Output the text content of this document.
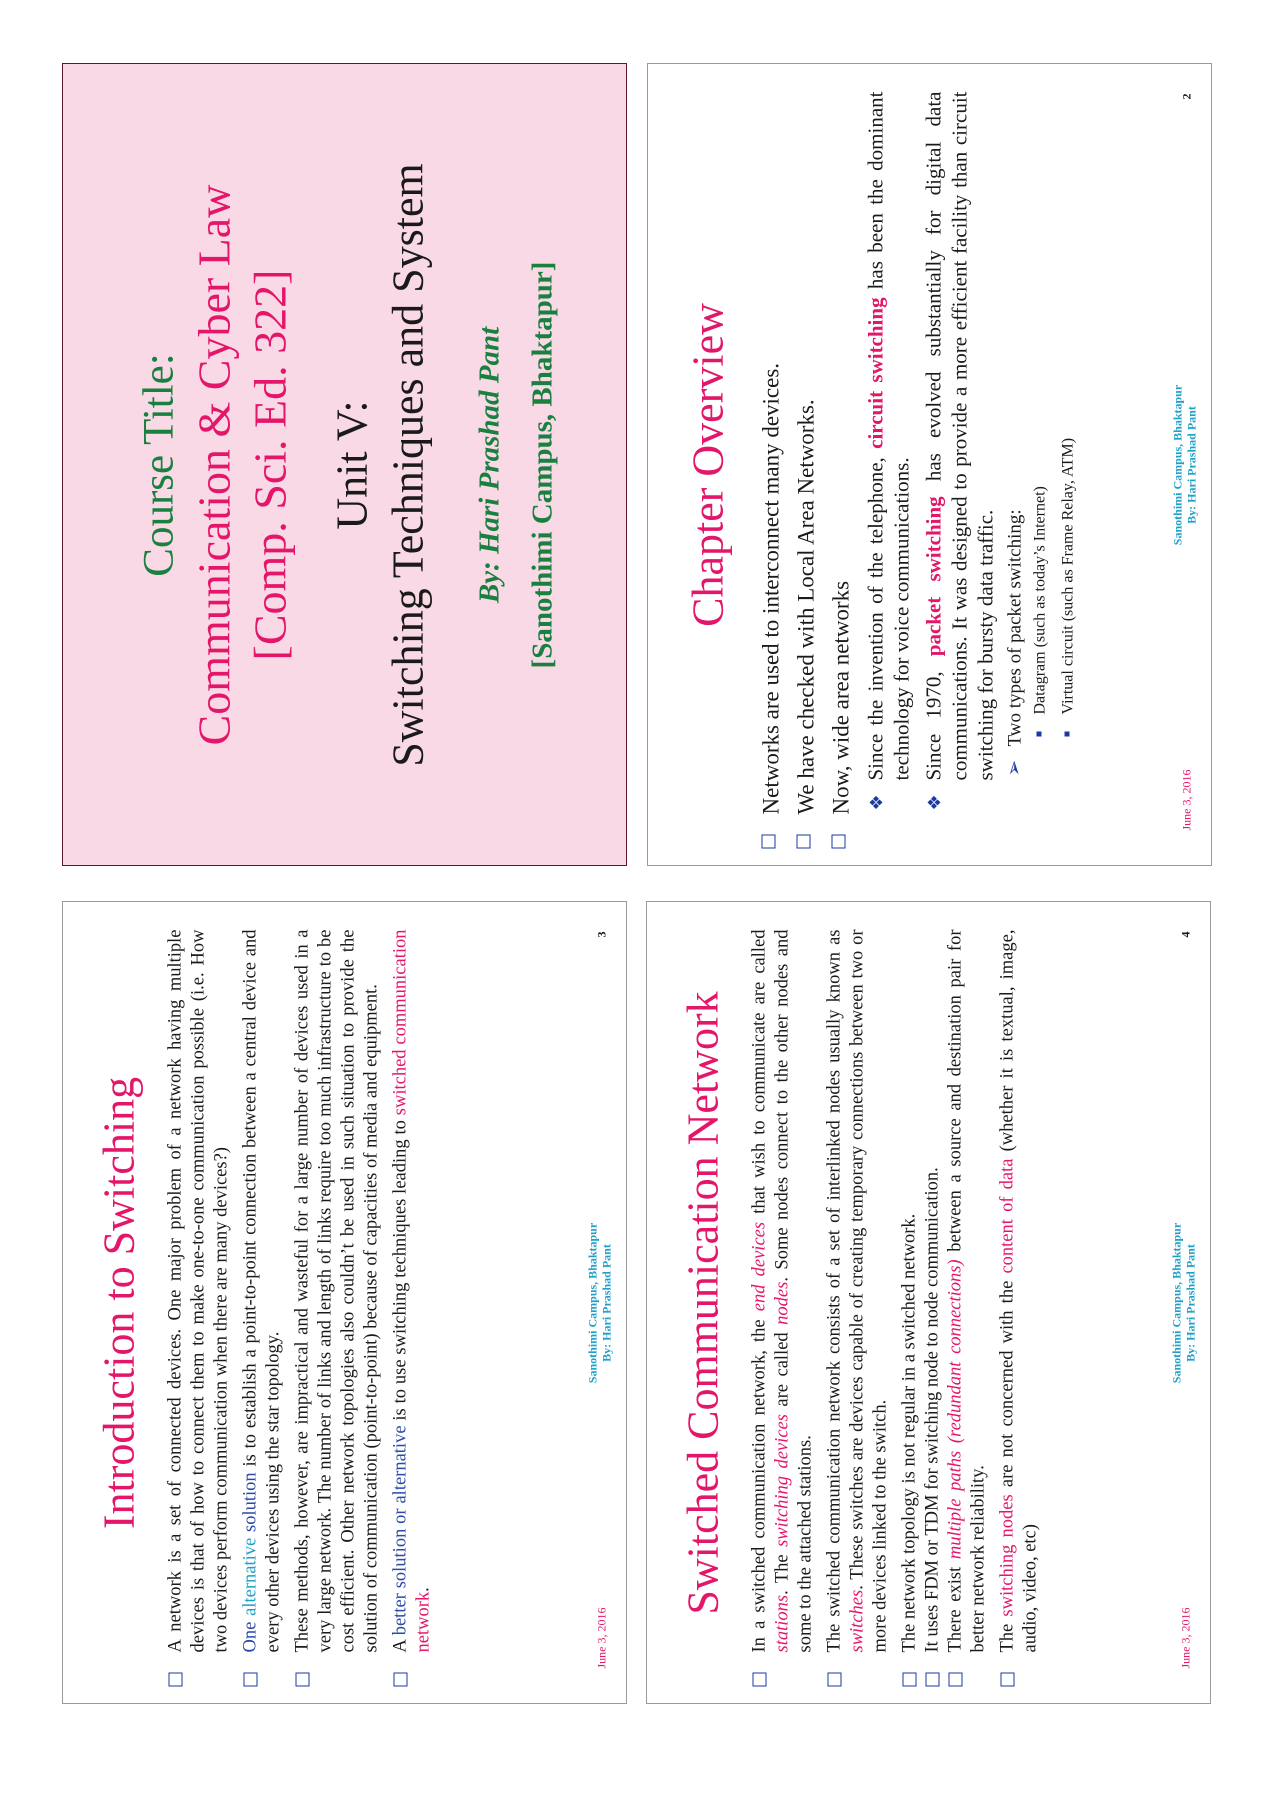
Course Title: Communication & Cyber Law [Comp. Sci. Ed. 322] Unit V: Switching Techniques and System By: Hari Prashad Pant [Sanothimi Campus, Bhaktapur]	Chapter Overview Networks are used to interconnect many devices. We have checked with Local Area Networks. Now, wide area networks ❖
Since the invention of the telephone, circuit switching has been the dominant technology for voice communications.
❖
Since 1970, packet switching has evolved substantially for digital data communications. It was designed to provide a more efficient facility than circuit switching for bursty data traffic. ➢
Two types of packet switching: Datagram (such as today’s Internet) Virtual circuit (such as Frame Relay, ATM)
June 3, 2016
Sanothimi Campus, Bhaktapur By: Hari Prashad Pant
2
Switched Communication Network In a switched communication network, the end devices that wish to communicate are called stations. The switching devices are called nodes. Some nodes connect to the other nodes and some to the attached stations. The switched communication network consists of a set of interlinked nodes usually known as switches. These switches are devices capable of creating temporary connections between two or more devices linked to the switch. The network topology is not regular in a switched network. It uses FDM or TDM for switching node to node communication. There exist multiple paths (redundant connections) between a source and destination pair for better network reliability. The switching nodes are not concerned with the content of data (whether it is textual, image, audio, video, etc)	June 3, 2016
Sanothimi Campus, Bhaktapur By: Hari Prashad Pant
4
Introduction to Switching A network is a set of connected devices. One major problem of a network having multiple devices is that of how to connect them to make one-to-one communication possible (i.e. How two devices perform communication when there are many devices?) One alternative solution is to establish a point-to-point connection between a central device and every other devices using the star topology. These methods, however, are impractical and wasteful for a large number of devices used in a very large network. The number of links and length of links require too much infrastructure to be cost efficient. Other network topologies also couldn’t be used in such situation to provide the solution of communication (point-to-point) because of capacities of media and equipment. A better solution or alternative is to use switching techniques leading to switched communication network.
June 3, 2016
Sanothimi Campus, Bhaktapur By: Hari Prashad Pant
3
